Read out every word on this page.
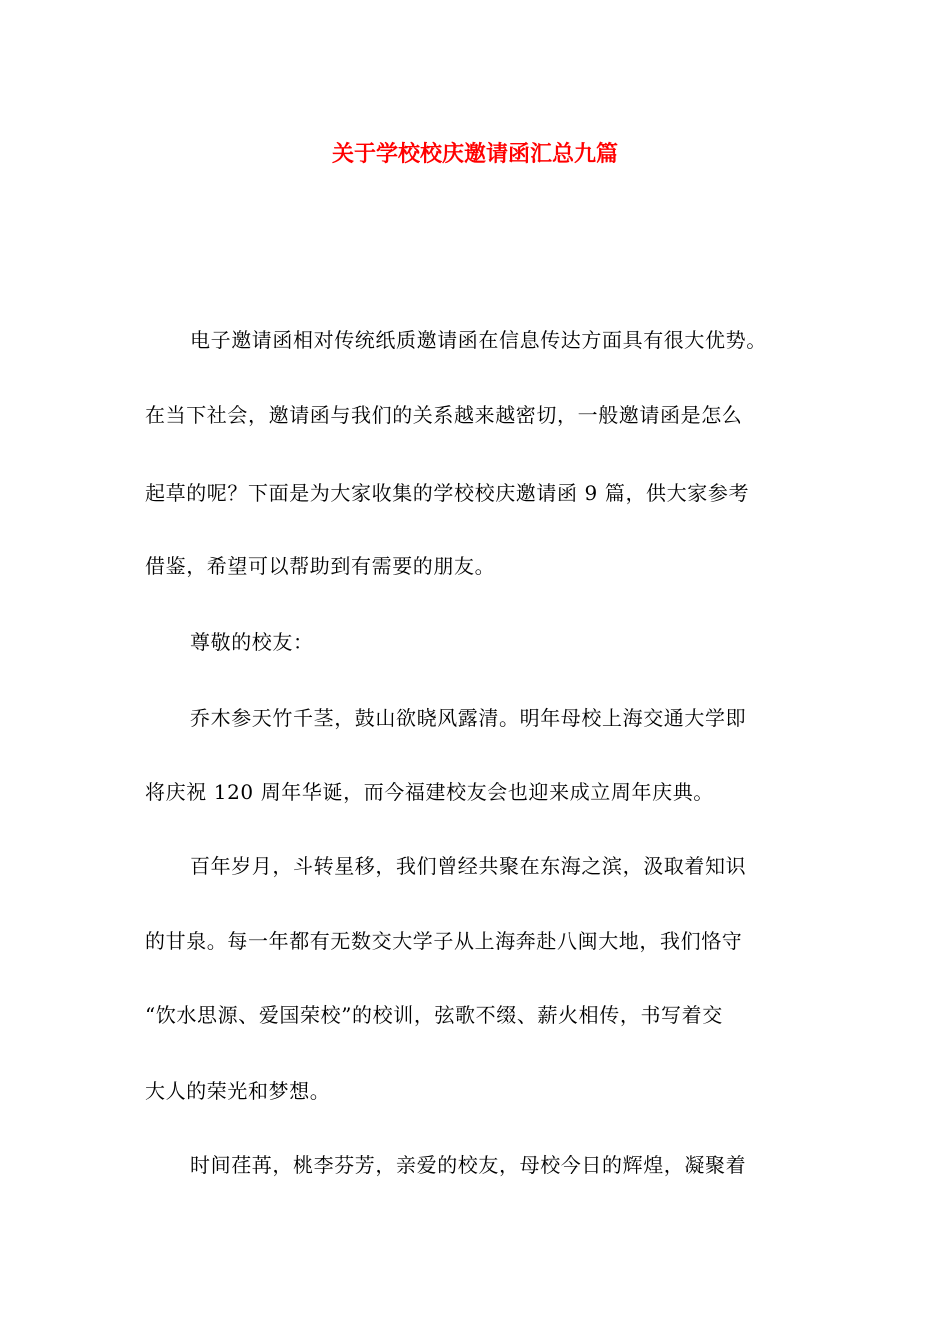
关于学校校庆邀请函汇总九篇
电子邀请函相对传统纸质邀请函在信息传达方面具有很大优势。
在当下社会，邀请函与我们的关系越来越密切，一般邀请函是怎么
起草的呢？下面是为大家收集的学校校庆邀请函 9 篇，供大家参考
借鉴，希望可以帮助到有需要的朋友。
尊敬的校友：
乔木参天竹千茎，鼓山欲晓风露清。明年母校上海交通大学即
将庆祝 120 周年华诞，而今福建校友会也迎来成立周年庆典。
百年岁月，斗转星移，我们曾经共聚在东海之滨，汲取着知识
的甘泉。每一年都有无数交大学子从上海奔赴八闽大地，我们恪守
“饮水思源、爱国荣校”的校训，弦歌不缀、薪火相传，书写着交
大人的荣光和梦想。
时间荏苒，桃李芬芳，亲爱的校友，母校今日的辉煌，凝聚着
